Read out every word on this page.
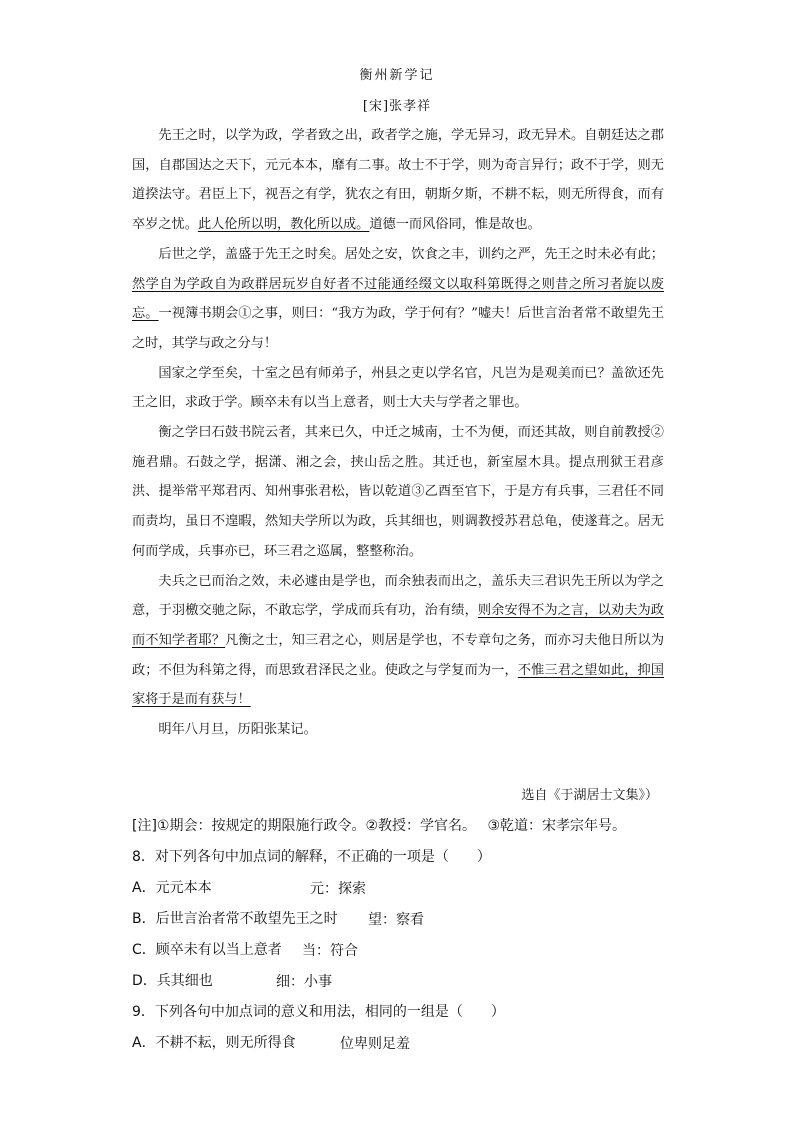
衡州新学记
[宋]张孝祥

先王之时，以学为政，学者致之出，政者学之施，学无异习，政无异术。自朝廷达之郡国，自郡国达之天下，元元本本，靡有二事。故士不于学，则为奇言异行；政不于学，则无道揆法守。君臣上下，视吾之有学，犹农之有田，朝斯夕斯，不耕不耘，则无所得食，而有卒岁之忧。此人伦所以明，教化所以成。道德一而风俗同，惟是故也。

后世之学，盖盛于先王之时矣。居处之安，饮食之丰，训约之严，先王之时未必有此；然学自为学政自为政群居玩岁自好者不过能通经缀文以取科第既得之则昔之所习者旋以废忘。一视簿书期会①之事，则曰：“我方为政，学于何有？”嘘夫！后世言治者常不敢望先王之时，其学与政之分与！

国家之学至矣，十室之邑有师弟子，州县之吏以学名官，凡岂为是观美而已？盖欲还先王之旧，求政于学。顾卒未有以当上意者，则士大夫与学者之罪也。

衡之学曰石鼓书院云者，其来已久，中迁之城南，士不为便，而还其故，则自前教授②施君鼎。石鼓之学，据潇、湘之会，挟山岳之胜。其迁也，新室屋木具。提点刑狱王君彦洪、提举常平郑君丙、知州事张君松，皆以乾道③乙酉至官下，于是方有兵事，三君任不同而责均，虽日不遑暇，然知夫学所以为政，兵其细也，则调教授苏君总龟，使遂葺之。居无何而学成，兵事亦已，环三君之巡属，整整称治。

夫兵之已而治之效，未必遽由是学也，而余独表而出之，盖乐夫三君识先王所以为学之意，于羽檄交驰之际，不敢忘学，学成而兵有功，治有绩，则余安得不为之言，以劝夫为政而不知学者耶？凡衡之士，知三君之心，则居是学也，不专章句之务，而亦习夫他日所以为政；不但为科第之得，而思致君泽民之业。使政之与学复而为一，不惟三君之望如此，抑国家将于是而有获与！

明年八月旦，历阳张某记。

选自《于湖居士文集》）
[注]①期会：按规定的期限施行政令。②教授：学官名。　 ③乾道：宋孝宗年号。
8．对下列各句中加点词的解释，不正确的一项是（　　）
A．元元本本	元：探索
B．后世言治者常不敢望先王之时 望：察看
C．顾卒未有以当上意者 当：符合
D．兵其细也	细：小事
9．下列各句中加点词的意义和用法，相同的一组是（　　）
A．不耕不耘，则无所得食	位卑则足羞
